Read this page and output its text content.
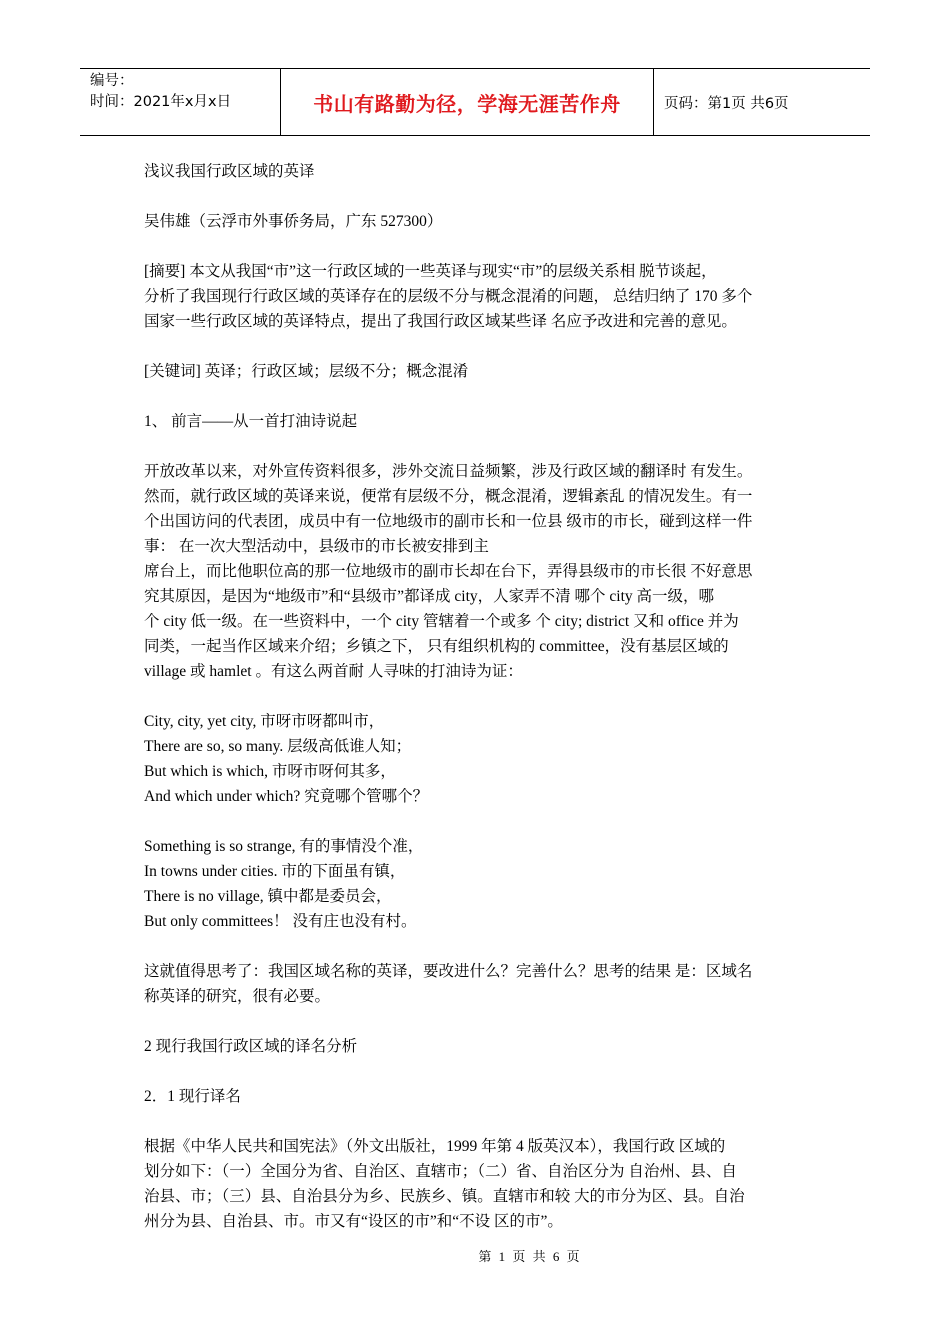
编号：
时间：2021年x月x日	书山有路勤为径，学海无涯苦作舟	页码：第1页 共6页

浅议我国行政区域的英译

吴伟雄（云浮市外事侨务局，广东 527300）

[摘要] 本文从我国“市”这一行政区域的一些英译与现实“市”的层级关系相 脱节谈起，

分析了我国现行行政区域的英译存在的层级不分与概念混淆的问题， 总结归纳了 170 多个

国家一些行政区域的英译特点，提出了我国行政区域某些译 名应予改进和完善的意见。

[关键词] 英译；行政区域；层级不分；概念混淆

1、 前言——从一首打油诗说起

开放改革以来，对外宣传资料很多，涉外交流日益频繁，涉及行政区域的翻译时 有发生。

然而，就行政区域的英译来说，便常有层级不分，概念混淆，逻辑紊乱 的情况发生。有一

个出国访问的代表团，成员中有一位地级市的副市长和一位县 级市的市长，碰到这样一件

事： 在一次大型活动中，县级市的市长被安排到主

席台上，而比他职位高的那一位地级市的副市长却在台下，弄得县级市的市长很 不好意思

究其原因，是因为“地级市”和“县级市”都译成 city，人家弄不清 哪个 city 高一级，哪

个 city 低一级。在一些资料中，一个 city 管辖着一个或多 个 city; district 又和 office 并为

同类，一起当作区域来介绍；乡镇之下， 只有组织机构的 committee，没有基层区域的

village 或 hamlet 。有这么两首耐 人寻味的打油诗为证：

City, city, yet city, 市呀市呀都叫市，

There are so, so many. 层级高低谁人知；

But which is which, 市呀市呀何其多，

And which under which? 究竟哪个管哪个？

Something is so strange, 有的事情没个准，

In towns under cities. 市的下面虽有镇，

There is no village, 镇中都是委员会，

But only committees！ 没有庄也没有村。

这就值得思考了：我国区域名称的英译，要改进什么？完善什么？思考的结果 是：区域名

称英译的研究，很有必要。

2 现行我国行政区域的译名分析

2．1 现行译名

根据《中华人民共和国宪法》（外文出版社，1999 年第 4 版英汉本），我国行政 区域的

划分如下：（一）全国分为省、自治区、直辖市；（二）省、自治区分为 自治州、县、自

治县、市；（三）县、自治县分为乡、民族乡、镇。直辖市和较 大的市分为区、县。自治

州分为县、自治县、市。市又有“设区的市”和“不设 区的市”。

第 1 页 共 6 页
